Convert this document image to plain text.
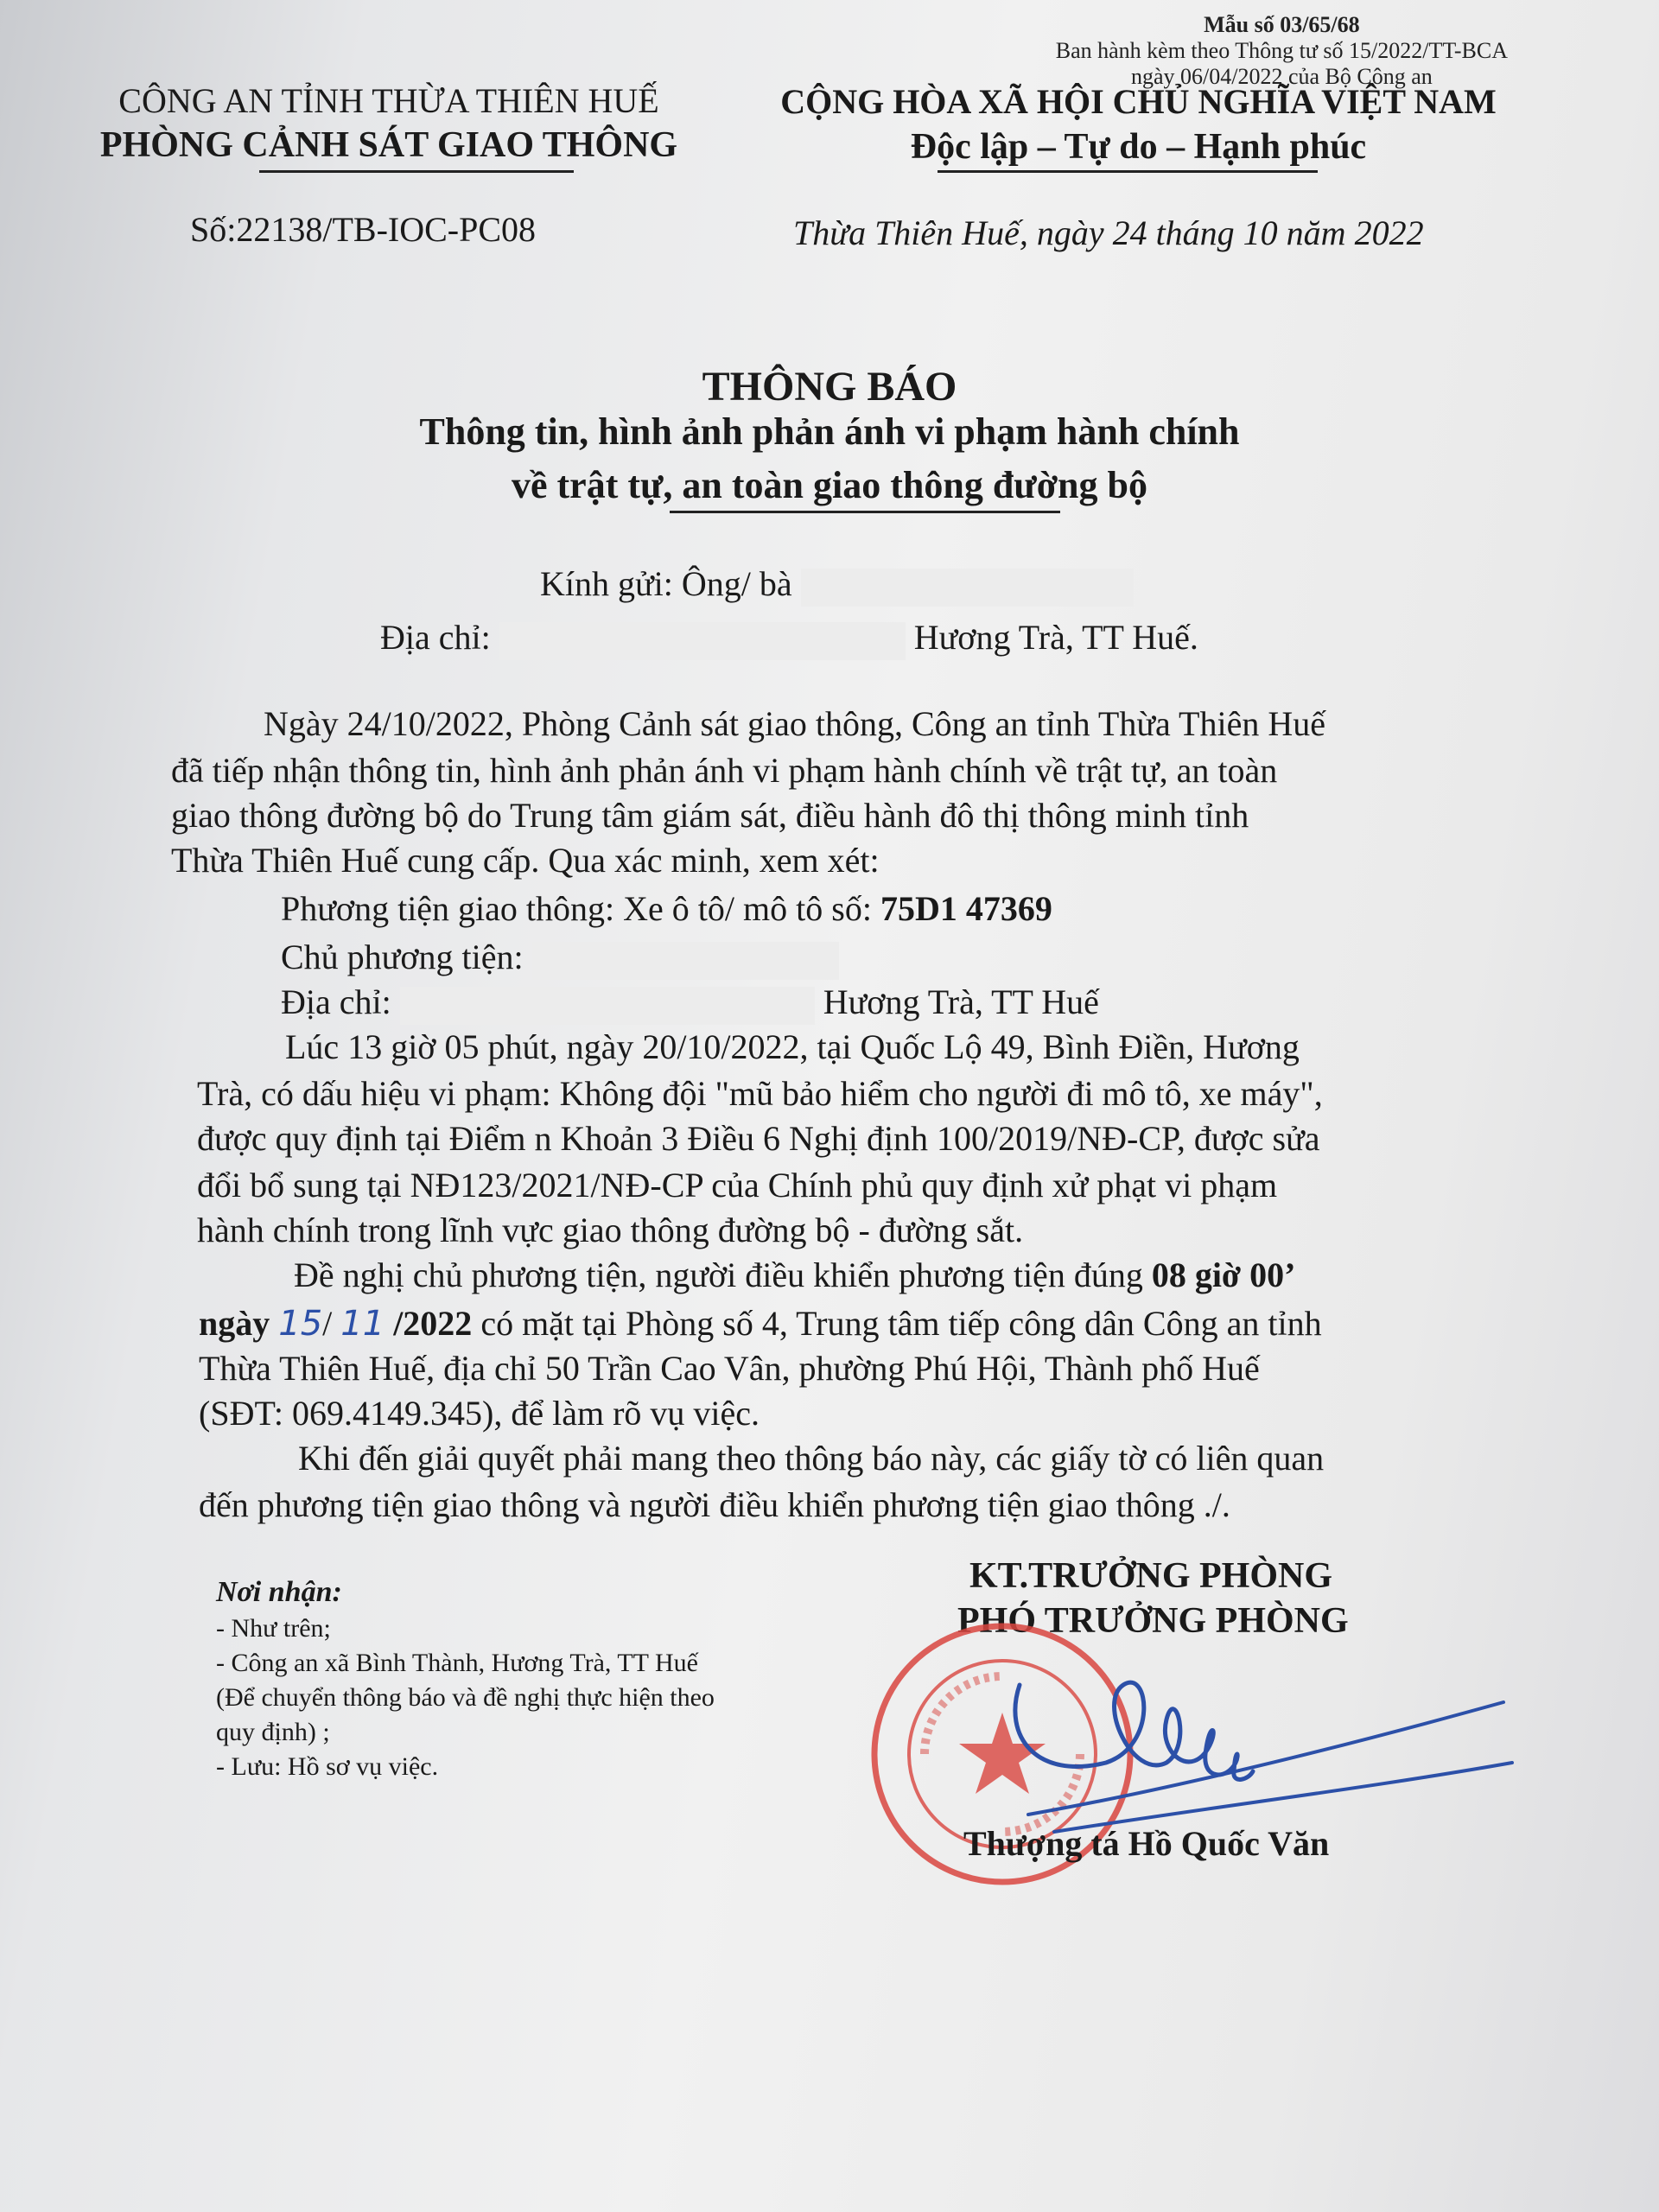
Mẫu số 03/65/68
Ban hành kèm theo Thông tư số 15/2022/TT-BCA
ngày 06/04/2022 của Bộ Công an
CÔNG AN TỈNH THỪA THIÊN HUẾ
PHÒNG CẢNH SÁT GIAO THÔNG
CỘNG HÒA XÃ HỘI CHỦ NGHĨA VIỆT NAM
Độc lập – Tự do – Hạnh phúc
Số:22138/TB-IOC-PC08	Thừa Thiên Huế, ngày 24 tháng 10 năm 2022
THÔNG BÁO
Thông tin, hình ảnh phản ánh vi phạm hành chính
về trật tự, an toàn giao thông đường bộ
Kính gửi: Ông/ bà
Địa chỉ:	Hương Trà, TT Huế.
Ngày 24/10/2022, Phòng Cảnh sát giao thông, Công an tỉnh Thừa Thiên Huế
đã tiếp nhận thông tin, hình ảnh phản ánh vi phạm hành chính về trật tự, an toàn
giao thông đường bộ do Trung tâm giám sát, điều hành đô thị thông minh tỉnh
Thừa Thiên Huế cung cấp. Qua xác minh, xem xét:
Phương tiện giao thông: Xe ô tô/ mô tô số: 75D1 47369
Chủ phương tiện:
Địa chỉ:	Hương Trà, TT Huế
Lúc 13 giờ 05 phút, ngày 20/10/2022, tại Quốc Lộ 49, Bình Điền, Hương
Trà, có dấu hiệu vi phạm: Không đội "mũ bảo hiểm cho người đi mô tô, xe máy",
được quy định tại Điểm n Khoản 3 Điều 6 Nghị định 100/2019/NĐ-CP, được sửa
đổi bổ sung tại NĐ123/2021/NĐ-CP của Chính phủ quy định xử phạt vi phạm
hành chính trong lĩnh vực giao thông đường bộ - đường sắt.
Đề nghị chủ phương tiện, người điều khiển phương tiện đúng 08 giờ 00’
ngày 15/ 11 /2022 có mặt tại Phòng số 4, Trung tâm tiếp công dân Công an tỉnh
Thừa Thiên Huế, địa chỉ 50 Trần Cao Vân, phường Phú Hội, Thành phố Huế
(SĐT: 069.4149.345), để làm rõ vụ việc.
Khi đến giải quyết phải mang theo thông báo này, các giấy tờ có liên quan
đến phương tiện giao thông và người điều khiển phương tiện giao thông ./.
Nơi nhận:
- Như trên;
- Công an xã Bình Thành, Hương Trà, TT Huế
(Để chuyển thông báo và đề nghị thực hiện theo
quy định) ;
- Lưu: Hồ sơ vụ việc.
KT.TRƯỞNG PHÒNG
PHÓ TRƯỞNG PHÒNG
Thượng tá Hồ Quốc Văn
